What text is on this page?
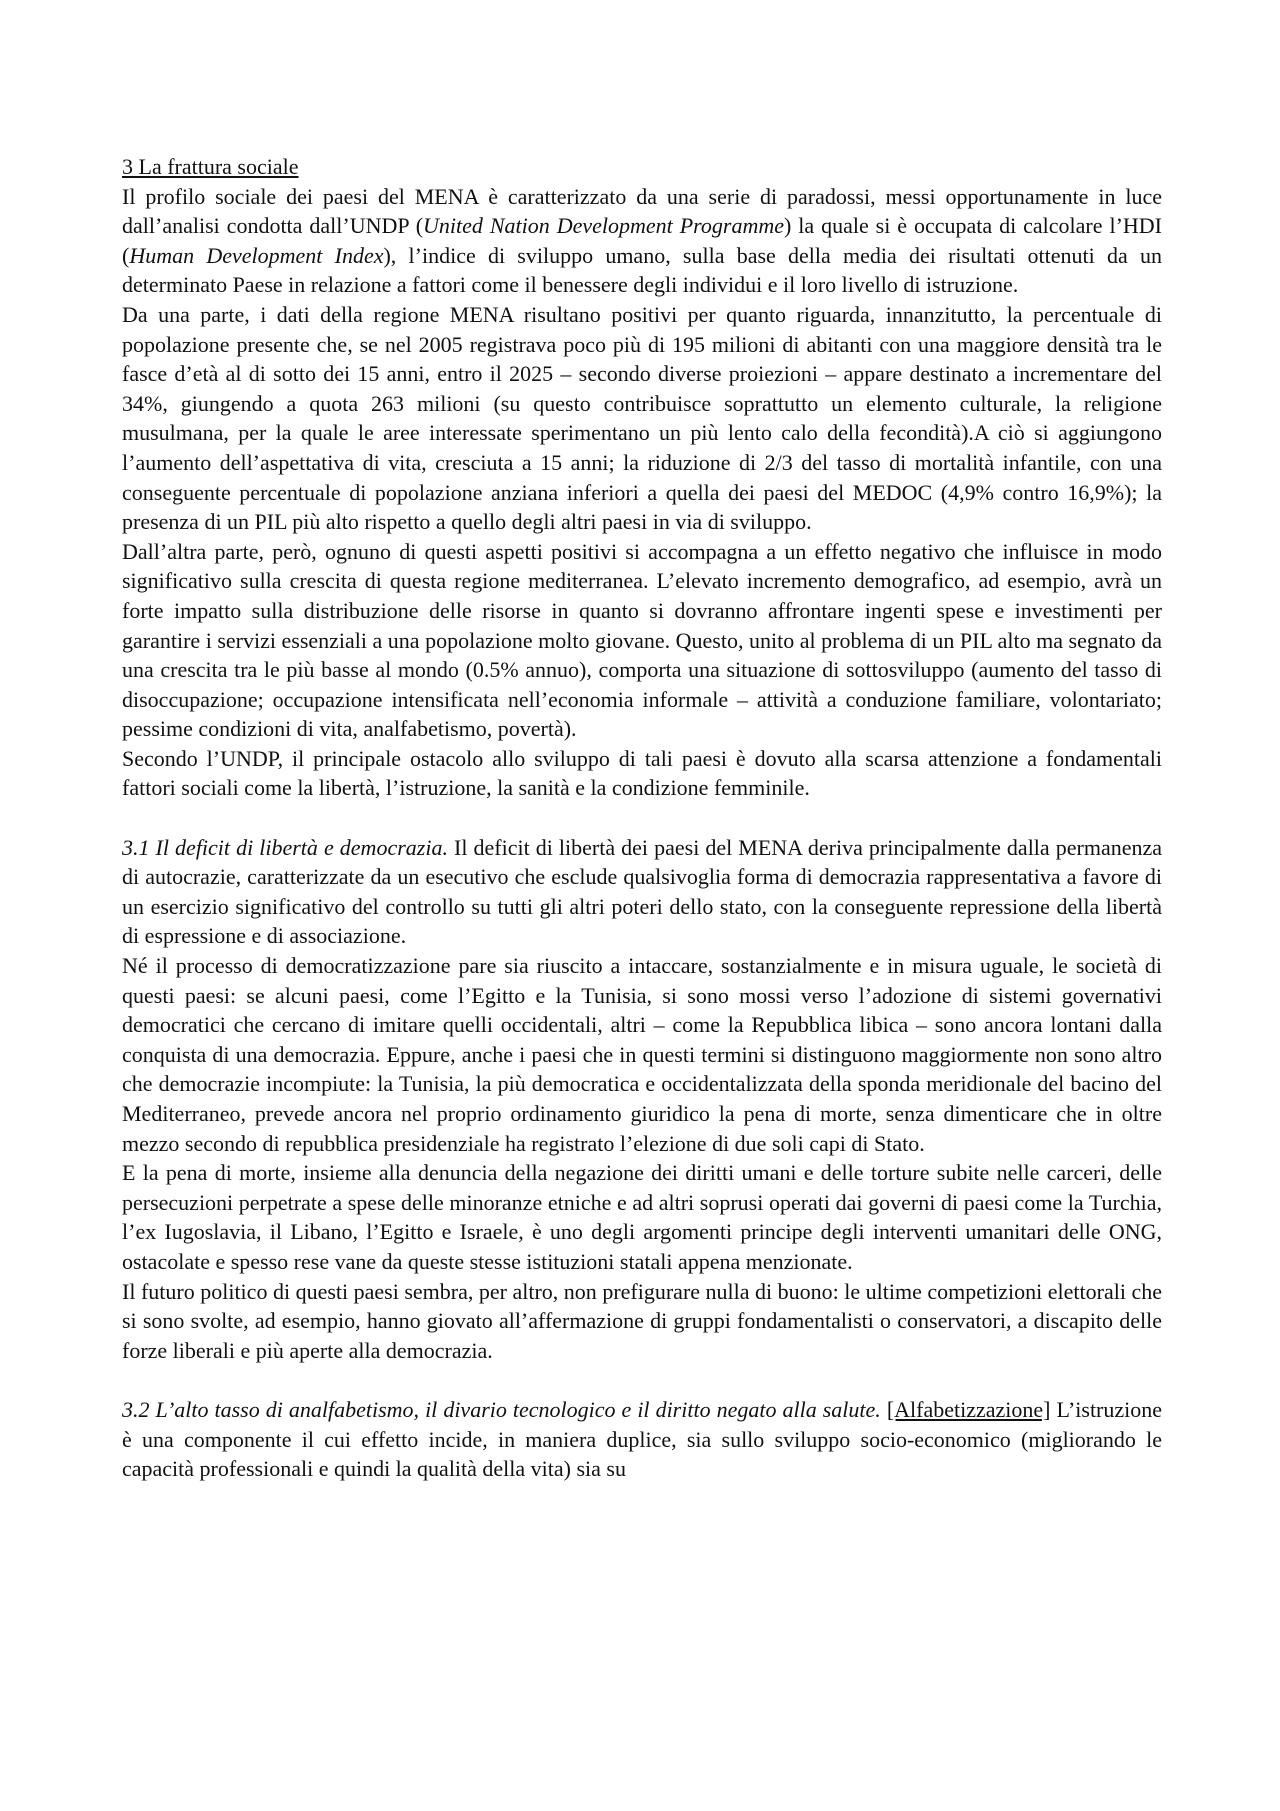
3 La frattura sociale

Il profilo sociale dei paesi del MENA è caratterizzato da una serie di paradossi, messi opportunamente in luce dall’analisi condotta dall’UNDP (United Nation Development Programme) la quale si è occupata di calcolare l’HDI (Human Development Index), l’indice di sviluppo umano, sulla base della media dei risultati ottenuti da un determinato Paese in relazione a fattori come il benessere degli individui e il loro livello di istruzione.

Da una parte, i dati della regione MENA risultano positivi per quanto riguarda, innanzitutto, la percentuale di popolazione presente che, se nel 2005 registrava poco più di 195 milioni di abitanti con una maggiore densità tra le fasce d’età al di sotto dei 15 anni, entro il 2025 – secondo diverse proiezioni – appare destinato a incrementare del 34%, giungendo a quota 263 milioni (su questo contribuisce soprattutto un elemento culturale, la religione musulmana, per la quale le aree interessate sperimentano un più lento calo della fecondità).A ciò si aggiungono l’aumento dell’aspettativa di vita, cresciuta a 15 anni; la riduzione di 2/3 del tasso di mortalità infantile, con una conseguente percentuale di popolazione anziana inferiori a quella dei paesi del MEDOC (4,9% contro 16,9%); la presenza di un PIL più alto rispetto a quello degli altri paesi in via di sviluppo.

Dall’altra parte, però, ognuno di questi aspetti positivi si accompagna a un effetto negativo che influisce in modo significativo sulla crescita di questa regione mediterranea. L’elevato incremento demografico, ad esempio, avrà un forte impatto sulla distribuzione delle risorse in quanto si dovranno affrontare ingenti spese e investimenti per garantire i servizi essenziali a una popolazione molto giovane. Questo, unito al problema di un PIL alto ma segnato da una crescita tra le più basse al mondo (0.5% annuo), comporta una situazione di sottosviluppo (aumento del tasso di disoccupazione; occupazione intensificata nell’economia informale – attività a conduzione familiare, volontariato; pessime condizioni di vita, analfabetismo, povertà).

Secondo l’UNDP, il principale ostacolo allo sviluppo di tali paesi è dovuto alla scarsa attenzione a fondamentali fattori sociali come la libertà, l’istruzione, la sanità e la condizione femminile.

3.1 Il deficit di libertà e democrazia. Il deficit di libertà dei paesi del MENA deriva principalmente dalla permanenza di autocrazie, caratterizzate da un esecutivo che esclude qualsivoglia forma di democrazia rappresentativa a favore di un esercizio significativo del controllo su tutti gli altri poteri dello stato, con la conseguente repressione della libertà di espressione e di associazione.

Né il processo di democratizzazione pare sia riuscito a intaccare, sostanzialmente e in misura uguale, le società di questi paesi: se alcuni paesi, come l’Egitto e la Tunisia, si sono mossi verso l’adozione di sistemi governativi democratici che cercano di imitare quelli occidentali, altri – come la Repubblica libica – sono ancora lontani dalla conquista di una democrazia. Eppure, anche i paesi che in questi termini si distinguono maggiormente non sono altro che democrazie incompiute: la Tunisia, la più democratica e occidentalizzata della sponda meridionale del bacino del Mediterraneo, prevede ancora nel proprio ordinamento giuridico la pena di morte, senza dimenticare che in oltre mezzo secondo di repubblica presidenziale ha registrato l’elezione di due soli capi di Stato.

E la pena di morte, insieme alla denuncia della negazione dei diritti umani e delle torture subite nelle carceri, delle persecuzioni perpetrate a spese delle minoranze etniche e ad altri soprusi operati dai governi di paesi come la Turchia, l’ex Iugoslavia, il Libano, l’Egitto e Israele, è uno degli argomenti principe degli interventi umanitari delle ONG, ostacolate e spesso rese vane da queste stesse istituzioni statali appena menzionate.

Il futuro politico di questi paesi sembra, per altro, non prefigurare nulla di buono: le ultime competizioni elettorali che si sono svolte, ad esempio, hanno giovato all’affermazione di gruppi fondamentalisti o conservatori, a discapito delle forze liberali e più aperte alla democrazia.

3.2 L’alto tasso di analfabetismo, il divario tecnologico e il diritto negato alla salute. [Alfabetizzazione] L’istruzione è una componente il cui effetto incide, in maniera duplice, sia sullo sviluppo socio-economico (migliorando le capacità professionali e quindi la qualità della vita) sia su
